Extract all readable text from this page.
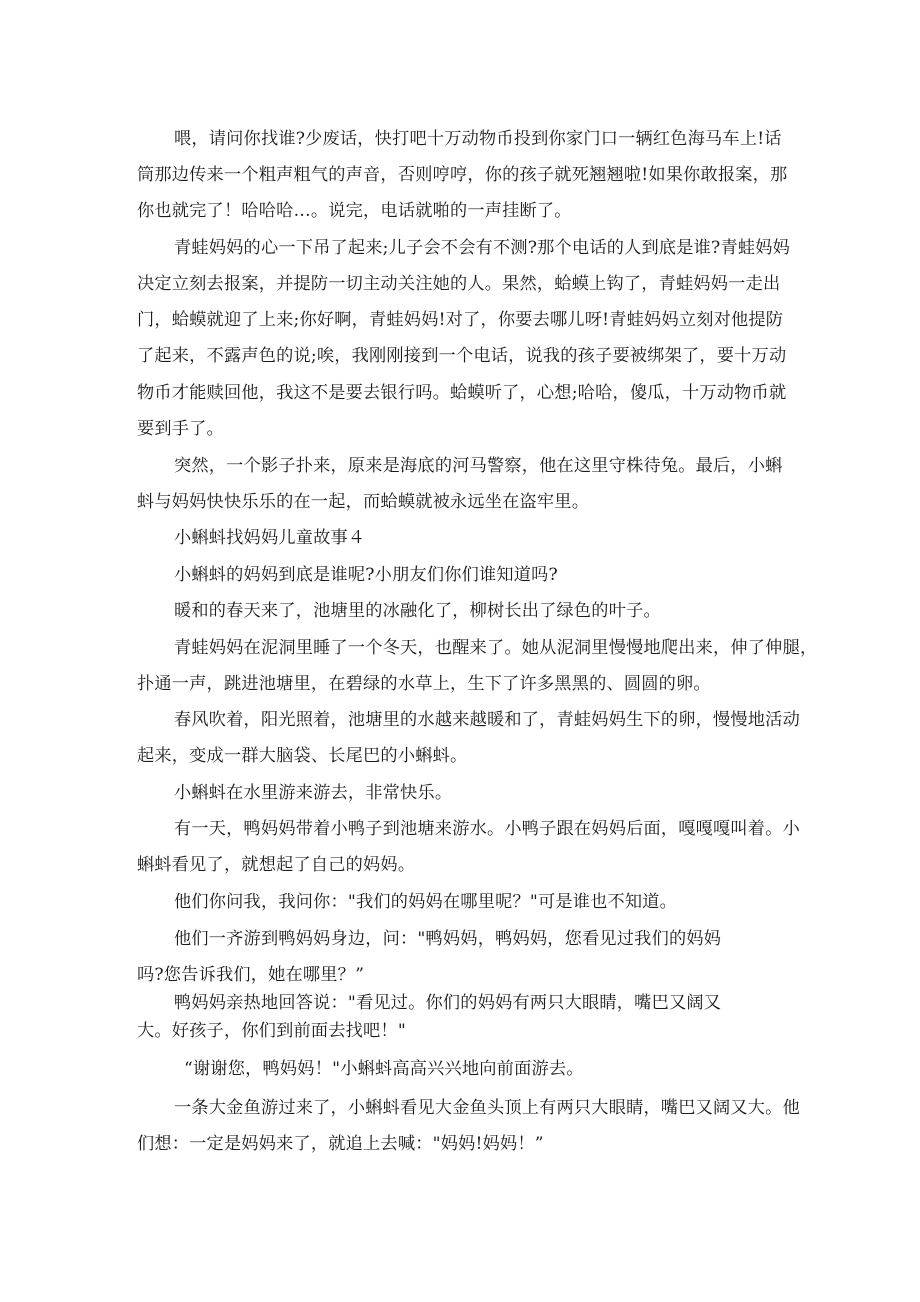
喂，请问你找谁?少废话，快打吧十万动物币投到你家门口一辆红色海马车上!话
筒那边传来一个粗声粗气的声音，否则哼哼，你的孩子就死翘翘啦!如果你敢报案，那
你也就完了！哈哈哈…。说完，电话就啪的一声挂断了。
青蛙妈妈的心一下吊了起来;儿子会不会有不测?那个电话的人到底是谁?青蛙妈妈
决定立刻去报案，并提防一切主动关注她的人。果然，蛤蟆上钩了，青蛙妈妈一走出
门，蛤蟆就迎了上来;你好啊，青蛙妈妈!对了，你要去哪儿呀!青蛙妈妈立刻对他提防
了起来，不露声色的说;唉，我刚刚接到一个电话，说我的孩子要被绑架了，要十万动
物币才能赎回他，我这不是要去银行吗。蛤蟆听了，心想;哈哈，傻瓜，十万动物币就
要到手了。
突然，一个影子扑来，原来是海底的河马警察，他在这里守株待兔。最后，小蝌
蚪与妈妈快快乐乐的在一起，而蛤蟆就被永远坐在盗牢里。
小蝌蚪找妈妈儿童故事４
小蝌蚪的妈妈到底是谁呢?小朋友们你们谁知道吗?
暖和的春天来了，池塘里的冰融化了，柳树长出了绿色的叶子。
青蛙妈妈在泥洞里睡了一个冬天，也醒来了。她从泥洞里慢慢地爬出来，伸了伸腿，
扑通一声，跳进池塘里，在碧绿的水草上，生下了许多黑黑的、圆圆的卵。
春风吹着，阳光照着，池塘里的水越来越暖和了，青蛙妈妈生下的卵，慢慢地活动
起来，变成一群大脑袋、长尾巴的小蝌蚪。
小蝌蚪在水里游来游去，非常快乐。
有一天，鸭妈妈带着小鸭子到池塘来游水。小鸭子跟在妈妈后面，嘎嘎嘎叫着。小
蝌蚪看见了，就想起了自己的妈妈。
他们你问我，我问你："我们的妈妈在哪里呢？"可是谁也不知道。
他们一齐游到鸭妈妈身边，问："鸭妈妈，鸭妈妈，您看见过我们的妈妈
吗?您告诉我们，她在哪里？”
鸭妈妈亲热地回答说："看见过。你们的妈妈有两只大眼睛，嘴巴又阔又
大。好孩子，你们到前面去找吧！"
“谢谢您，鸭妈妈！"小蝌蚪高高兴兴地向前面游去。
一条大金鱼游过来了，小蝌蚪看见大金鱼头顶上有两只大眼睛，嘴巴又阔又大。他
们想：一定是妈妈来了，就追上去喊："妈妈!妈妈！”
